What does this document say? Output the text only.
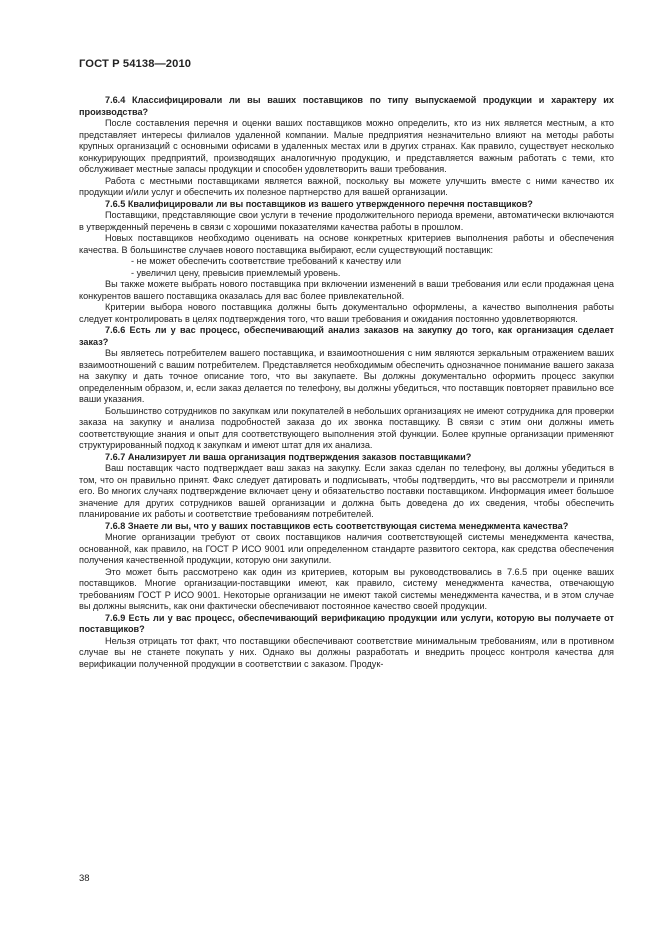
ГОСТ Р 54138—2010

7.6.4 Классифицировали ли вы ваших поставщиков по типу выпускаемой продукции и характеру их производства?

После составления перечня и оценки ваших поставщиков можно определить, кто из них является местным, а кто представляет интересы филиалов удаленной компании. Малые предприятия незначительно влияют на методы работы крупных организаций с основными офисами в удаленных местах или в других странах. Как правило, существует несколько конкурирующих предприятий, производящих аналогичную продукцию, и представляется важным работать с теми, кто обслуживает местные запасы продукции и способен удовлетворить ваши требования.

Работа с местными поставщиками является важной, поскольку вы можете улучшить вместе с ними качество их продукции и/или услуг и обеспечить их полезное партнерство для вашей организации.

7.6.5 Квалифицировали ли вы поставщиков из вашего утвержденного перечня поставщиков?

Поставщики, представляющие свои услуги в течение продолжительного периода времени, автоматически включаются в утвержденный перечень в связи с хорошими показателями качества работы в прошлом.

Новых поставщиков необходимо оценивать на основе конкретных критериев выполнения работы и обеспечения качества. В большинстве случаев нового поставщика выбирают, если существующий поставщик:

- не может обеспечить соответствие требований к качеству или

- увеличил цену, превысив приемлемый уровень.

Вы также можете выбрать нового поставщика при включении изменений в ваши требования или если продажная цена конкурентов вашего поставщика оказалась для вас более привлекательной.

Критерии выбора нового поставщика должны быть документально оформлены, а качество выполнения работы следует контролировать в целях подтверждения того, что ваши требования и ожидания постоянно удовлетворяются.

7.6.6 Есть ли у вас процесс, обеспечивающий анализ заказов на закупку до того, как организация сделает заказ?

Вы являетесь потребителем вашего поставщика, и взаимоотношения с ним являются зеркальным отражением ваших взаимоотношений с вашим потребителем. Представляется необходимым обеспечить однозначное понимание вашего заказа на закупку и дать точное описание того, что вы закупаете. Вы должны документально оформить процесс закупки определенным образом, и, если заказ делается по телефону, вы должны убедиться, что поставщик повторяет правильно все ваши указания.

Большинство сотрудников по закупкам или покупателей в небольших организациях не имеют сотрудника для проверки заказа на закупку и анализа подробностей заказа до их звонка поставщику. В связи с этим они должны иметь соответствующие знания и опыт для соответствующего выполнения этой функции. Более крупные организации применяют структурированный подход к закупкам и имеют штат для их анализа.

7.6.7 Анализирует ли ваша организация подтверждения заказов поставщиками?

Ваш поставщик часто подтверждает ваш заказ на закупку. Если заказ сделан по телефону, вы должны убедиться в том, что он правильно принят. Факс следует датировать и подписывать, чтобы подтвердить, что вы рассмотрели и приняли его. Во многих случаях подтверждение включает цену и обязательство поставки поставщиком. Информация имеет большое значение для других сотрудников вашей организации и должна быть доведена до их сведения, чтобы обеспечить планирование их работы и соответствие требованиям потребителей.

7.6.8 Знаете ли вы, что у ваших поставщиков есть соответствующая система менеджмента качества?

Многие организации требуют от своих поставщиков наличия соответствующей системы менеджмента качества, основанной, как правило, на ГОСТ Р ИСО 9001 или определенном стандарте развитого сектора, как средства обеспечения получения качественной продукции, которую они закупили.

Это может быть рассмотрено как один из критериев, которым вы руководствовались в 7.6.5 при оценке ваших поставщиков. Многие организации-поставщики имеют, как правило, систему менеджмента качества, отвечающую требованиям ГОСТ Р ИСО 9001. Некоторые организации не имеют такой системы менеджмента качества, и в этом случае вы должны выяснить, как они фактически обеспечивают постоянное качество своей продукции.

7.6.9 Есть ли у вас процесс, обеспечивающий верификацию продукции или услуги, которую вы получаете от поставщиков?

Нельзя отрицать тот факт, что поставщики обеспечивают соответствие минимальным требованиям, или в противном случае вы не станете покупать у них. Однако вы должны разработать и внедрить процесс контроля качества для верификации полученной продукции в соответствии с заказом. Продук-

38
